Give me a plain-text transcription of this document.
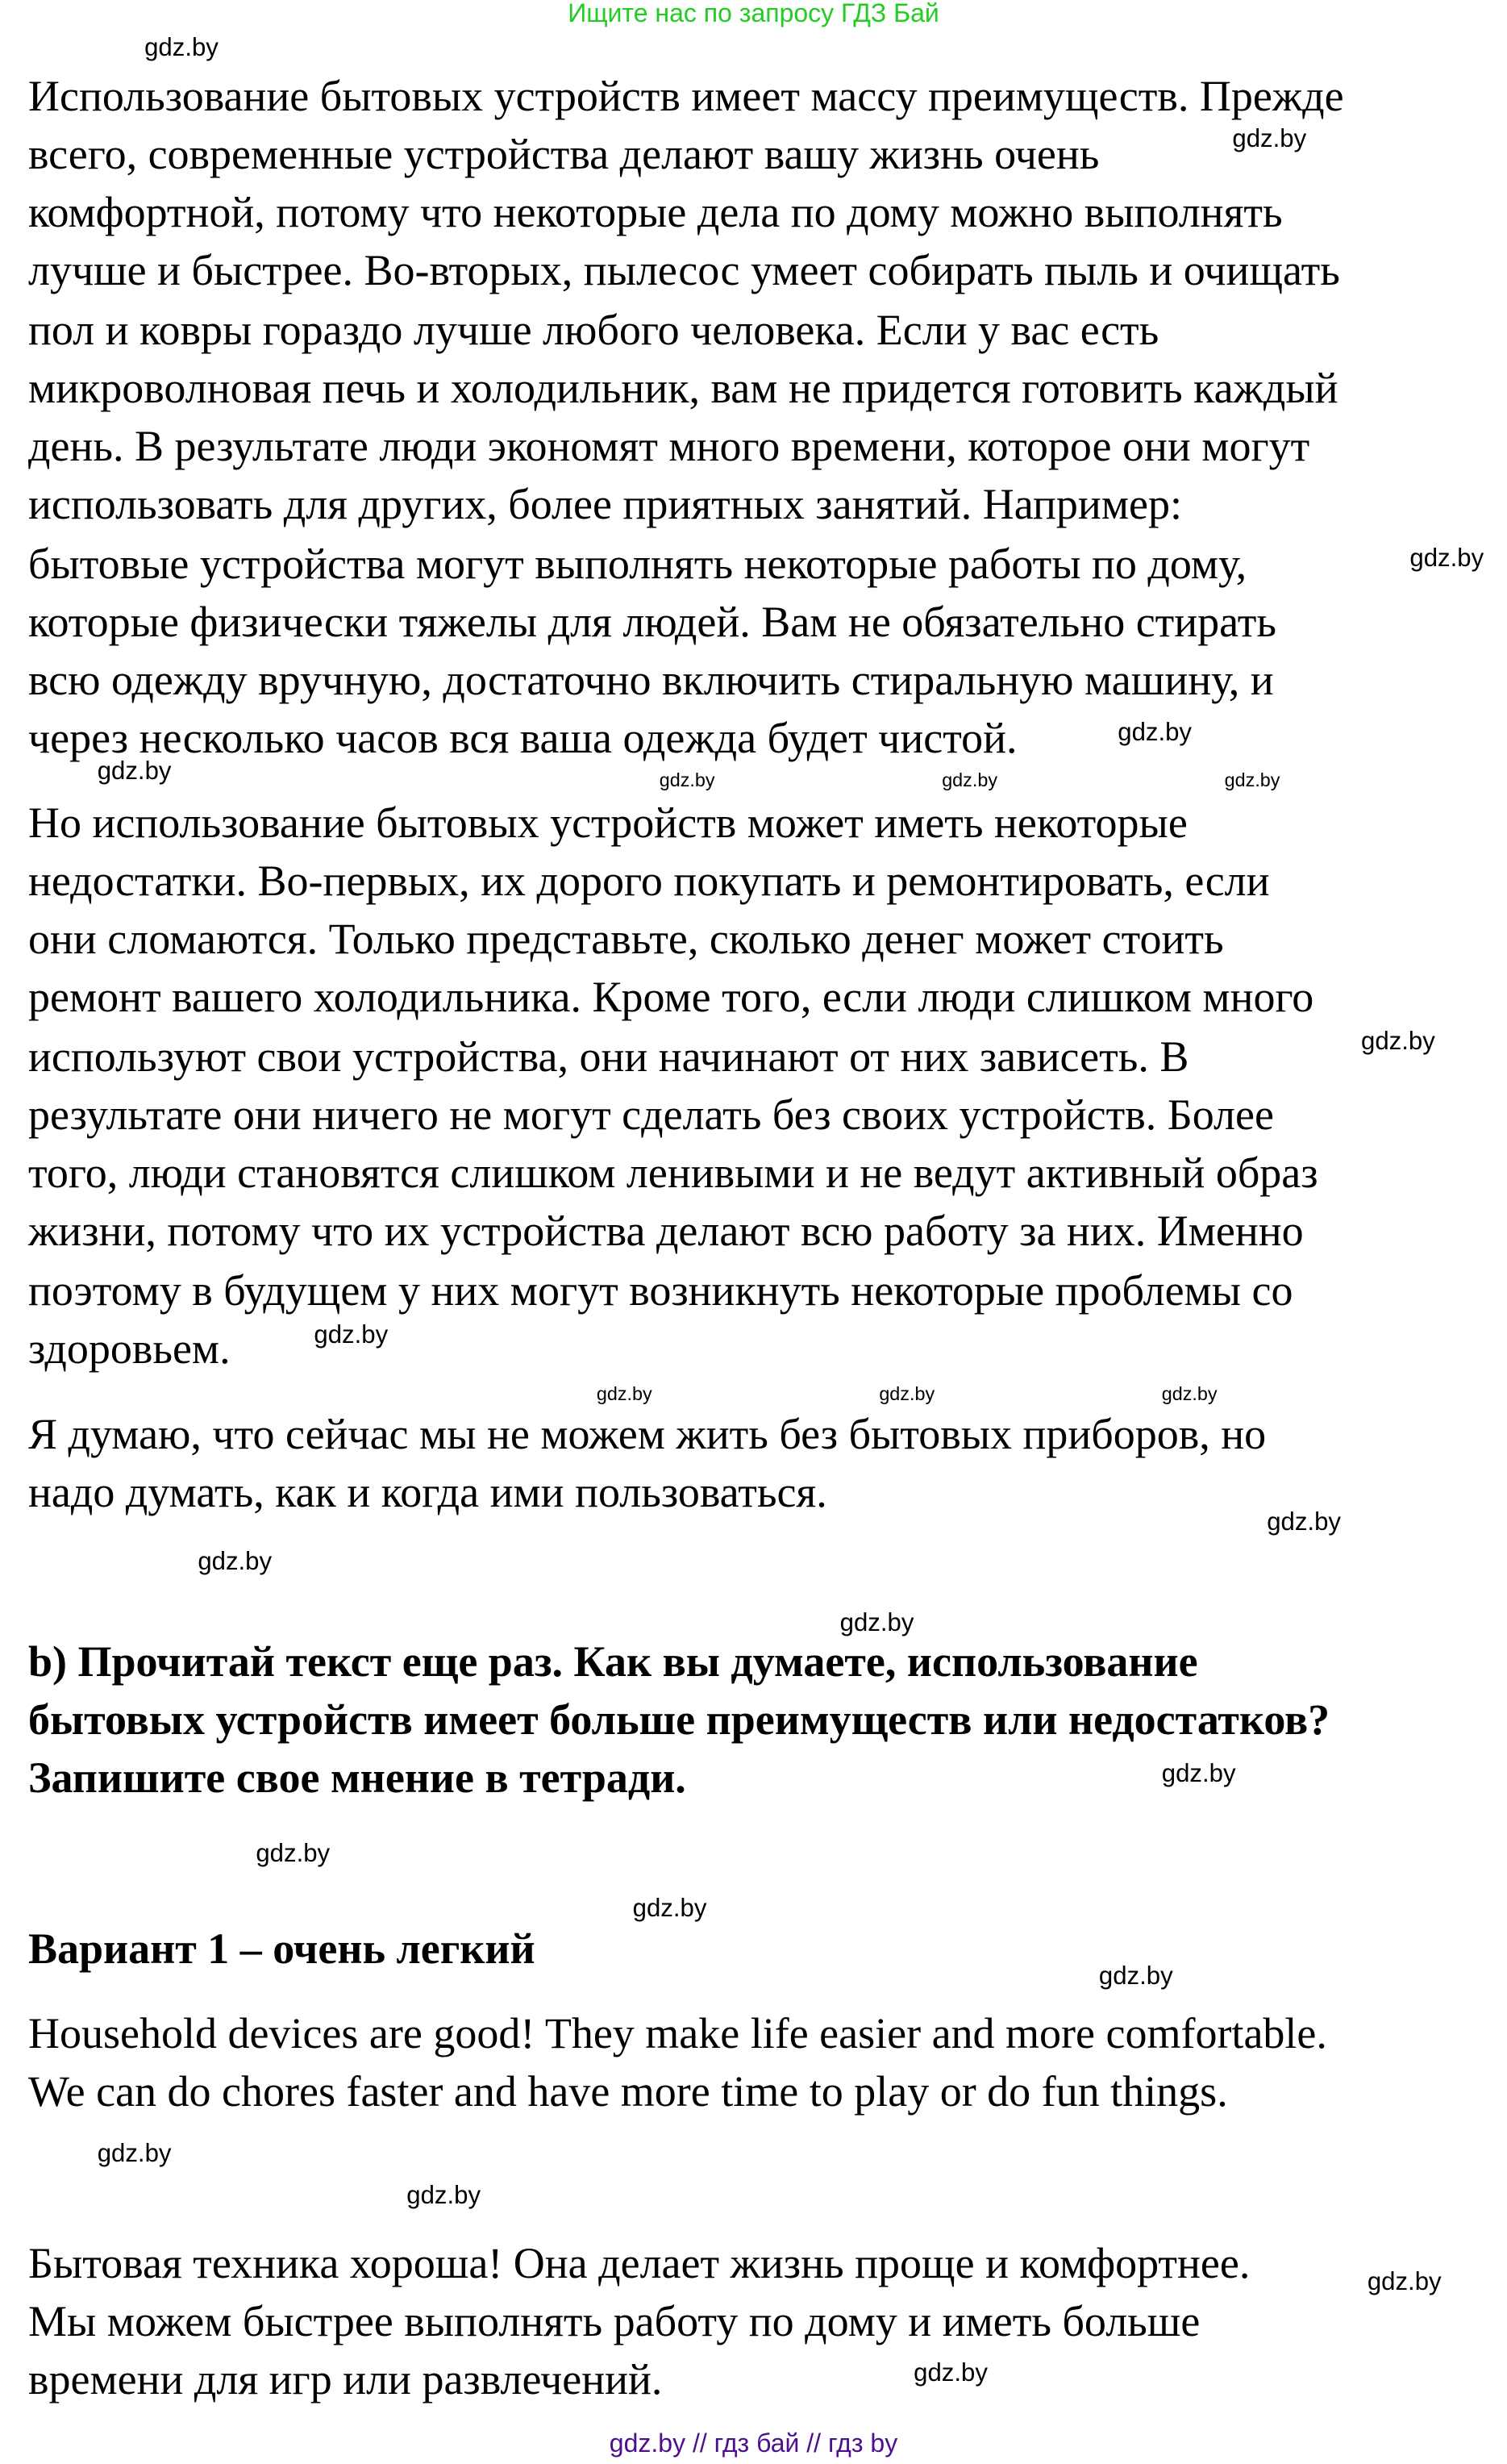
Ищите нас по запросу ГДЗ Бай
Использование бытовых устройств имеет массу преимуществ. Прежде
всего, современные устройства делают вашу жизнь очень
комфортной, потому что некоторые дела по дому можно выполнять
лучше и быстрее. Во-вторых, пылесос умеет собирать пыль и очищать
пол и ковры гораздо лучше любого человека. Если у вас есть
микроволновая печь и холодильник, вам не придется готовить каждый
день. В результате люди экономят много времени, которое они могут
использовать для других, более приятных занятий. Например:
бытовые устройства могут выполнять некоторые работы по дому,
которые физически тяжелы для людей. Вам не обязательно стирать
всю одежду вручную, достаточно включить стиральную машину, и
через несколько часов вся ваша одежда будет чистой.
Но использование бытовых устройств может иметь некоторые
недостатки. Во-первых, их дорого покупать и ремонтировать, если
они сломаются. Только представьте, сколько денег может стоить
ремонт вашего холодильника. Кроме того, если люди слишком много
используют свои устройства, они начинают от них зависеть. В
результате они ничего не могут сделать без своих устройств. Более
того, люди становятся слишком ленивыми и не ведут активный образ
жизни, потому что их устройства делают всю работу за них. Именно
поэтому в будущем у них могут возникнуть некоторые проблемы со
здоровьем.
Я думаю, что сейчас мы не можем жить без бытовых приборов, но
надо думать, как и когда ими пользоваться.
b) Прочитай текст еще раз. Как вы думаете, использование
бытовых устройств имеет больше преимуществ или недостатков?
Запишите свое мнение в тетради.
Вариант 1 – очень легкий
Household devices are good! They make life easier and more comfortable.
We can do chores faster and have more time to play or do fun things.
Бытовая техника хороша! Она делает жизнь проще и комфортнее.
Мы можем быстрее выполнять работу по дому и иметь больше
времени для игр или развлечений.
gdz.by
gdz.by
gdz.by	gdz.by	gdz.by
gdz.by
gdz.by
gdz.by
gdz.by
gdz.by
gdz.by	gdz.by
gdz.by
gdz.by
gdz.by
gdz.by
gdz.by
gdz.by
gdz.by
gdz.by
gdz.by
gdz.by
gdz.by
gdz.by
gdz.by // гдз бай // гдз by
